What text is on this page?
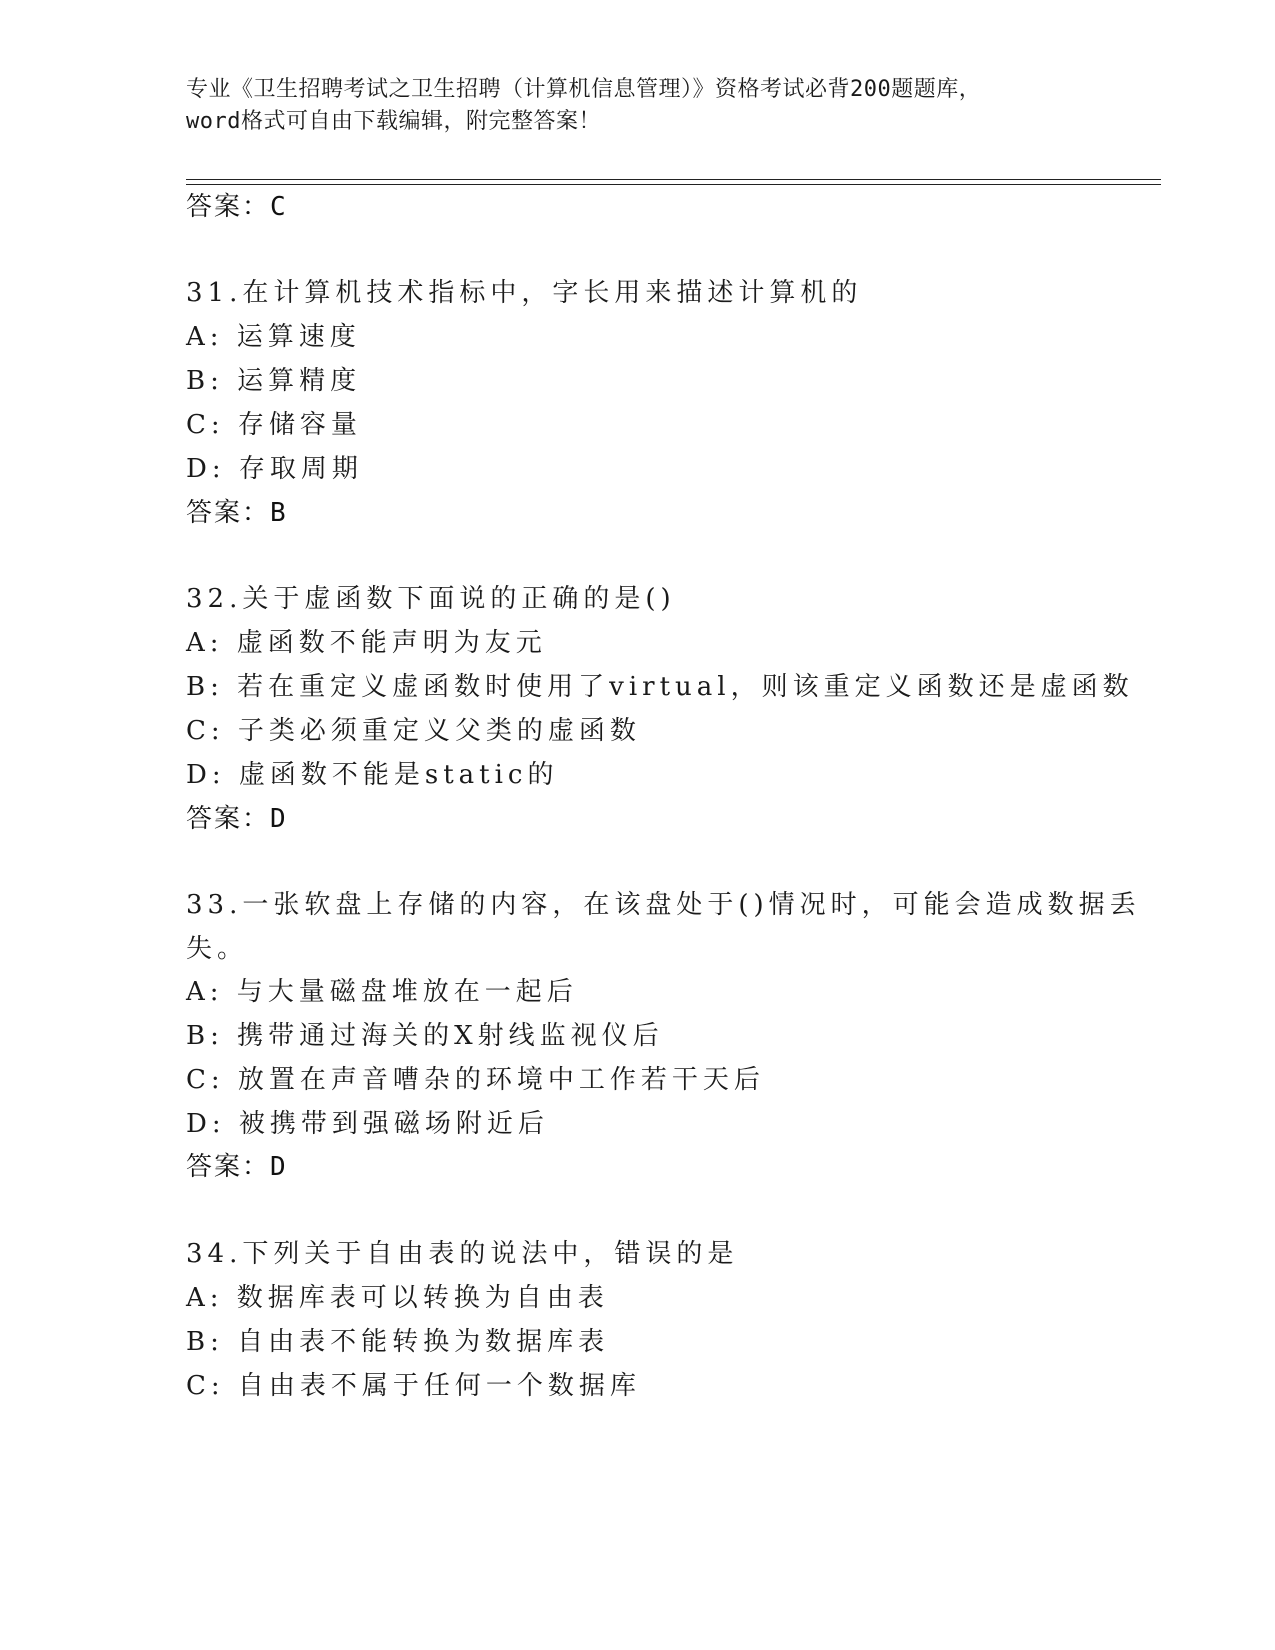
专业《卫生招聘考试之卫生招聘（计算机信息管理）》资格考试必背200题题库，
word格式可自由下载编辑，附完整答案！
答案：C
31.在计算机技术指标中，字长用来描述计算机的
A: 运算速度
B: 运算精度
C: 存储容量
D: 存取周期
答案：B
32.关于虚函数下面说的正确的是()
A: 虚函数不能声明为友元
B: 若在重定义虚函数时使用了virtual，则该重定义函数还是虚函数
C: 子类必须重定义父类的虚函数
D: 虚函数不能是static的
答案：D
33.一张软盘上存储的内容，在该盘处于()情况时，可能会造成数据丢
失。
A: 与大量磁盘堆放在一起后
B: 携带通过海关的X射线监视仪后
C: 放置在声音嘈杂的环境中工作若干天后
D: 被携带到强磁场附近后
答案：D
34.下列关于自由表的说法中，错误的是
A: 数据库表可以转换为自由表
B: 自由表不能转换为数据库表
C: 自由表不属于任何一个数据库
